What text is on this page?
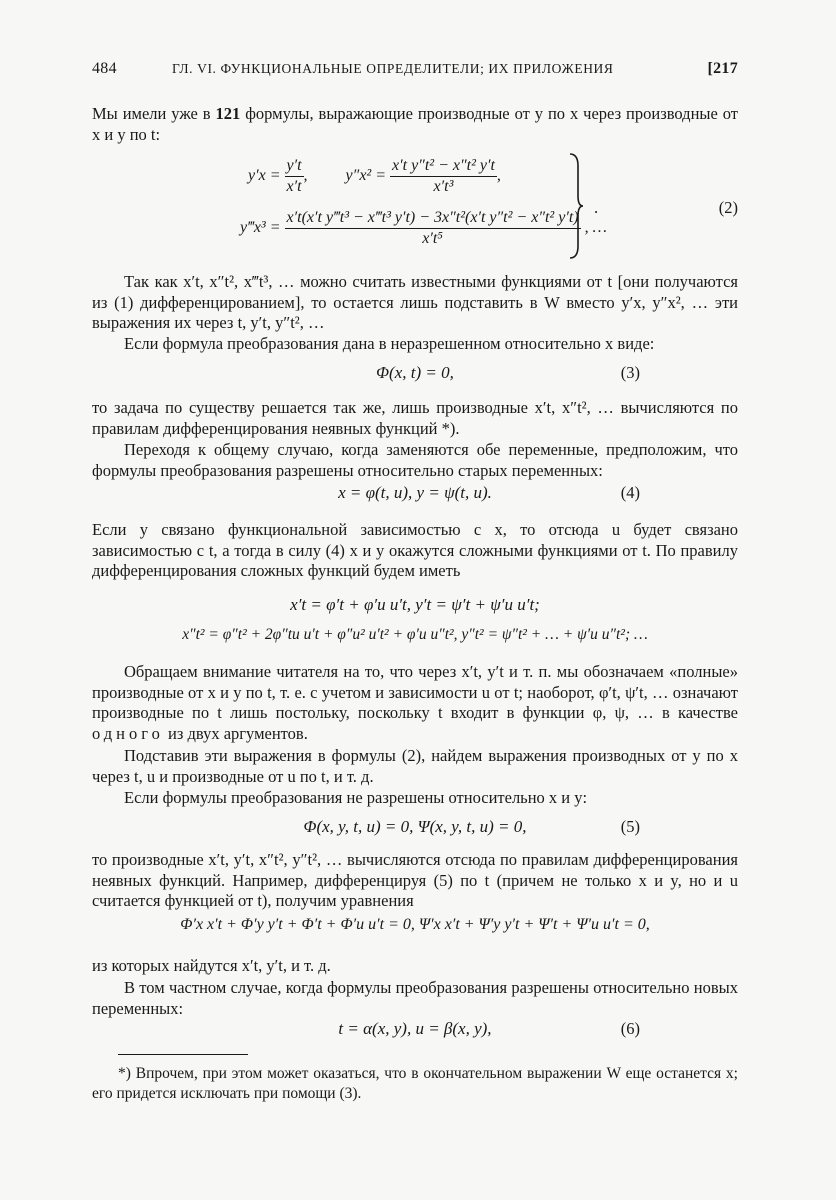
484	ГЛ. VI. ФУНКЦИОНАЛЬНЫЕ ОПРЕДЕЛИТЕЛИ; ИХ ПРИЛОЖЕНИЯ	[217
Мы имели уже в 121 формулы, выражающие производные от y по x через производные от x и y по t:
$y'x = \frac{y't}{x't}$ , $y''x^2 = \frac{\text{x′t y″t² − x″t² y′t}}{\text{x′t³}}$ ,
y‴x³ = $\frac{\text{x′t(x′t y‴t³ − x‴t³ y′t) − 3x″t²(x′t y″t² − x″t² y′t)}}{\text{x′t⁵}}$ , …
.	(2)
Так как x′t, x″t², x‴t³, … можно считать известными функциями от t [они получаются из (1) дифференцированием], то остается лишь подставить в W вместо y′x, y″x², … эти выражения их через t, y′t, y″t², …
Если формула преобразования дана в неразрешенном относительно x виде:
Φ(x, t) = 0,	(3)
то задача по существу решается так же, лишь производные x′t, x″t², … вычисляются по правилам дифференцирования неявных функций *).
Переходя к общему случаю, когда заменяются обе переменные, предположим, что формулы преобразования разрешены относительно старых переменных:
x = φ(t, u), y = ψ(t, u).	(4)
Если y связано функциональной зависимостью с x, то отсюда u будет связано зависимостью с t, а тогда в силу (4) x и y окажутся сложными функциями от t. По правилу дифференцирования сложных функций будем иметь
x′t = φ′t + φ′u u′t, y′t = ψ′t + ψ′u u′t;
x″t² = φ″t² + 2φ″tu u′t + φ″u² u′t² + φ′u u″t², y″t² = ψ″t² + … + ψ′u u″t²; …
Обращаем внимание читателя на то, что через x′t, y′t и т. п. мы обозначаем «полные» производные от x и y по t, т. е. с учетом и зависимости u от t; наоборот, φ′t, ψ′t, … означают производные по t лишь постольку, поскольку t входит в функции φ, ψ, … в качестве одного из двух аргументов.
Подставив эти выражения в формулы (2), найдем выражения производных от y по x через t, u и производные от u по t, и т. д.
Если формулы преобразования не разрешены относительно x и y:
Φ(x, y, t, u) = 0, Ψ(x, y, t, u) = 0,	(5)
то производные x′t, y′t, x″t², y″t², … вычисляются отсюда по правилам дифференцирования неявных функций. Например, дифференцируя (5) по t (причем не только x и y, но и u считается функцией от t), получим уравнения
Φ′x x′t + Φ′y y′t + Φ′t + Φ′u u′t = 0, Ψ′x x′t + Ψ′y y′t + Ψ′t + Ψ′u u′t = 0,
из которых найдутся x′t, y′t, и т. д.
В том частном случае, когда формулы преобразования разрешены относительно новых переменных:
t = α(x, y), u = β(x, y),	(6)
*) Впрочем, при этом может оказаться, что в окончательном выражении W еще останется x; его придется исключать при помощи (3).
